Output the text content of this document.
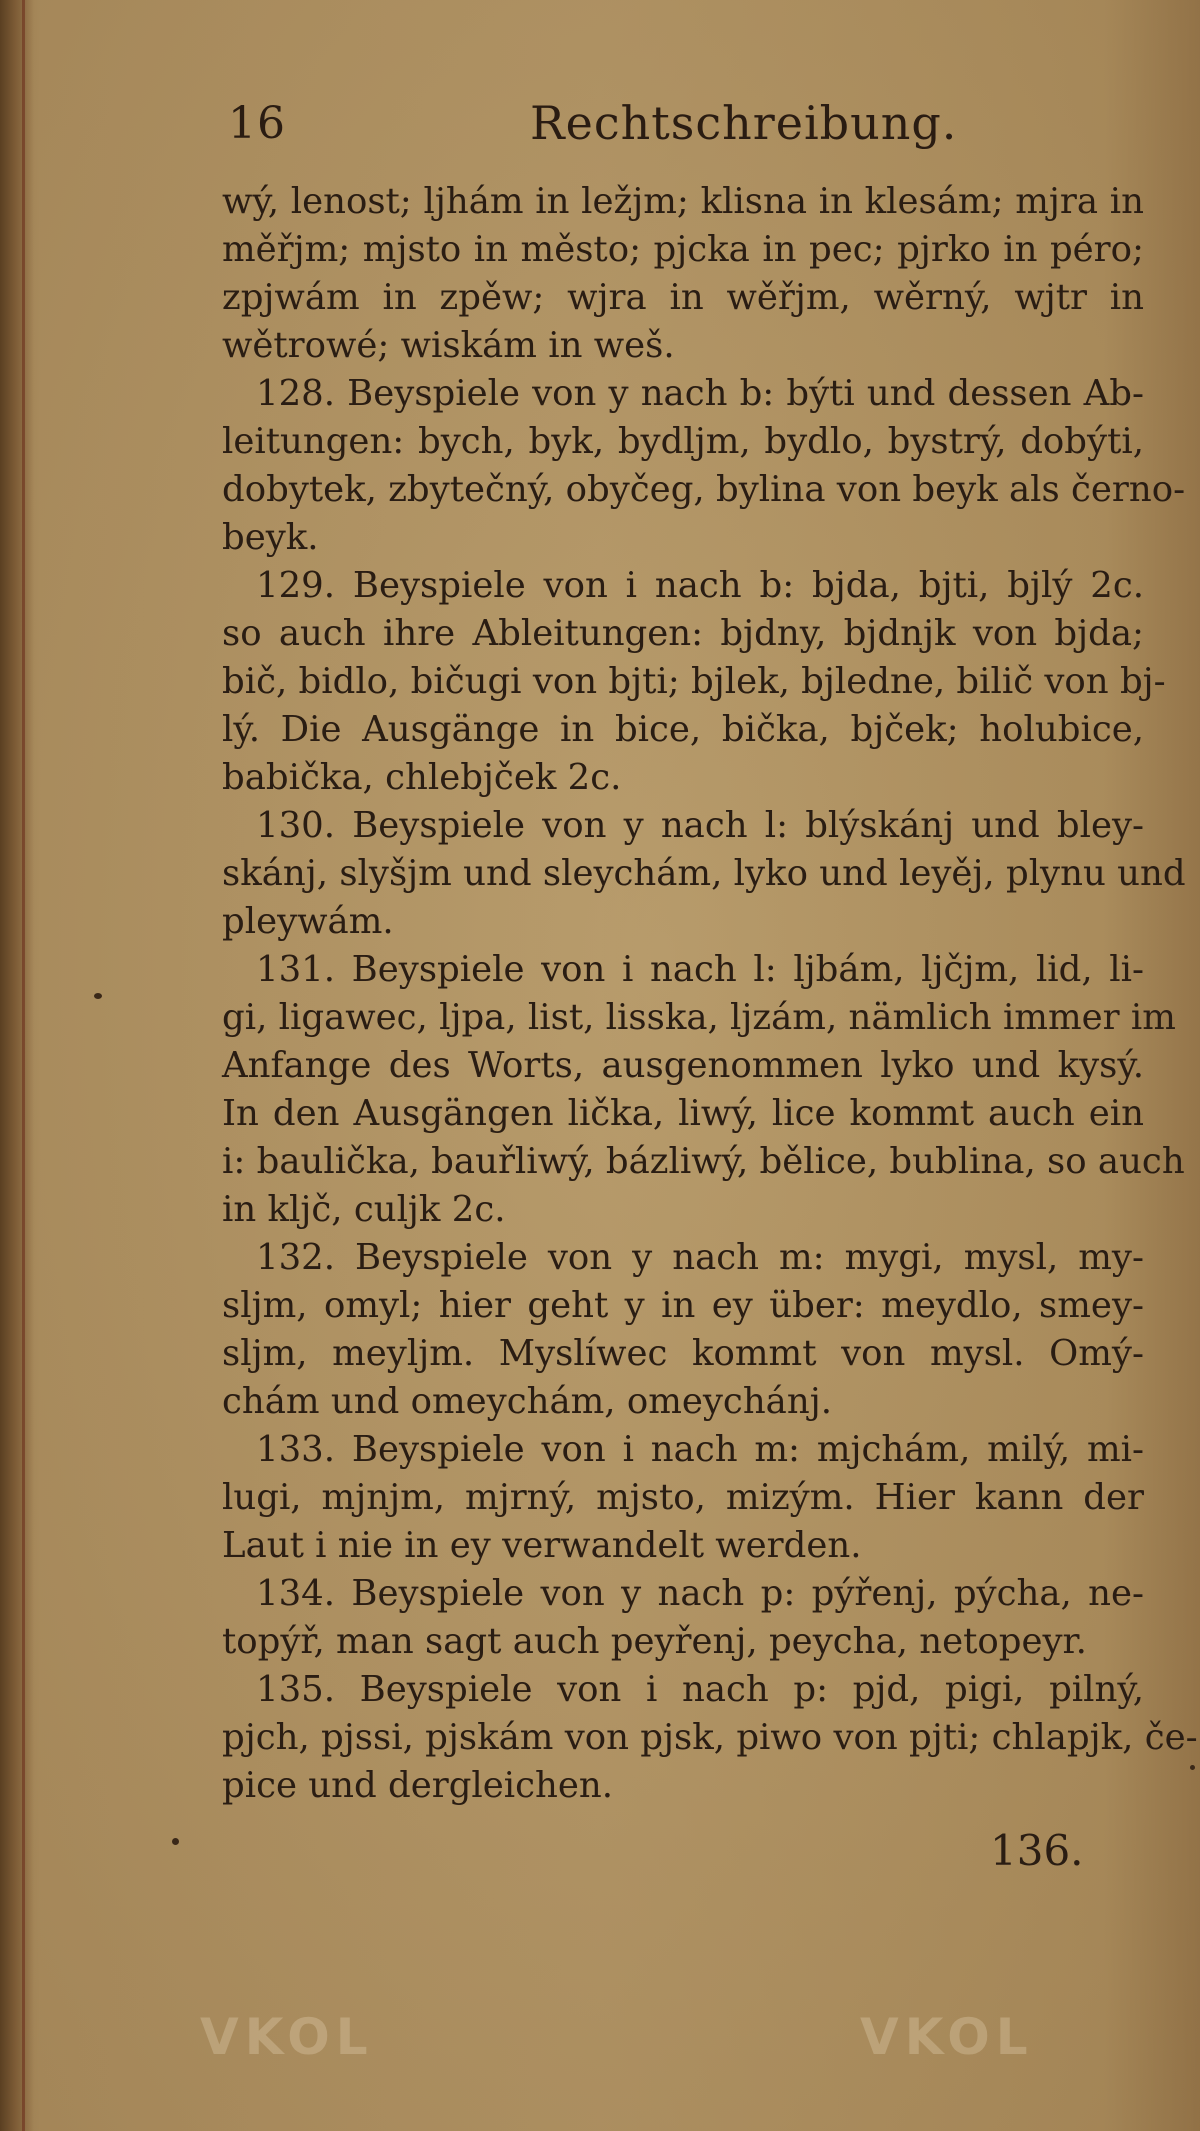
16	Rechtschreibung.
wý, lenost; ljhám in ležjm; klisna in klesám; mjra in
měřjm; mjsto in město; pjcka in pec; pjrko in péro;
zpjwám in zpěw; wjra in wěřjm, wěrný, wjtr in
wětrowé; wiskám in weš.
128. Beyspiele von y nach b: býti und dessen Ab-
leitungen: bych, byk, bydljm, bydlo, bystrý, dobýti,
dobytek, zbytečný, obyčeg, bylina von beyk als černo-
beyk.
129. Beyspiele von i nach b: bjda, bjti, bjlý 2c.
so auch ihre Ableitungen: bjdny, bjdnjk von bjda;
bič, bidlo, bičugi von bjti; bjlek, bjledne, bilič von bj-
lý. Die Ausgänge in bice, bička, bjček; holubice,
babička, chlebjček 2c.
130. Beyspiele von y nach l: blýskánj und bley-
skánj, slyšjm und sleychám, lyko und leyěj, plynu und
pleywám.
131. Beyspiele von i nach l: ljbám, ljčjm, lid, li-
gi, ligawec, ljpa, list, lisska, ljzám, nämlich immer im
Anfange des Worts, ausgenommen lyko und kysý.
In den Ausgängen lička, liwý, lice kommt auch ein
i: baulička, bauřliwý, bázliwý, bělice, bublina, so auch
in kljč, culjk 2c.
132. Beyspiele von y nach m: mygi, mysl, my-
sljm, omyl; hier geht y in ey über: meydlo, smey-
sljm, meyljm. Myslíwec kommt von mysl. Omý-
chám und omeychám, omeychánj.
133. Beyspiele von i nach m: mjchám, milý, mi-
lugi, mjnjm, mjrný, mjsto, mizým. Hier kann der
Laut i nie in ey verwandelt werden.
134. Beyspiele von y nach p: pýřenj, pýcha, ne-
topýř, man sagt auch peyřenj, peycha, netopeyr.
135. Beyspiele von i nach p: pjd, pigi, pilný,
pjch, pjssi, pjskám von pjsk, piwo von pjti; chlapjk, če-
pice und dergleichen.
136.
VKOL	VKOL
